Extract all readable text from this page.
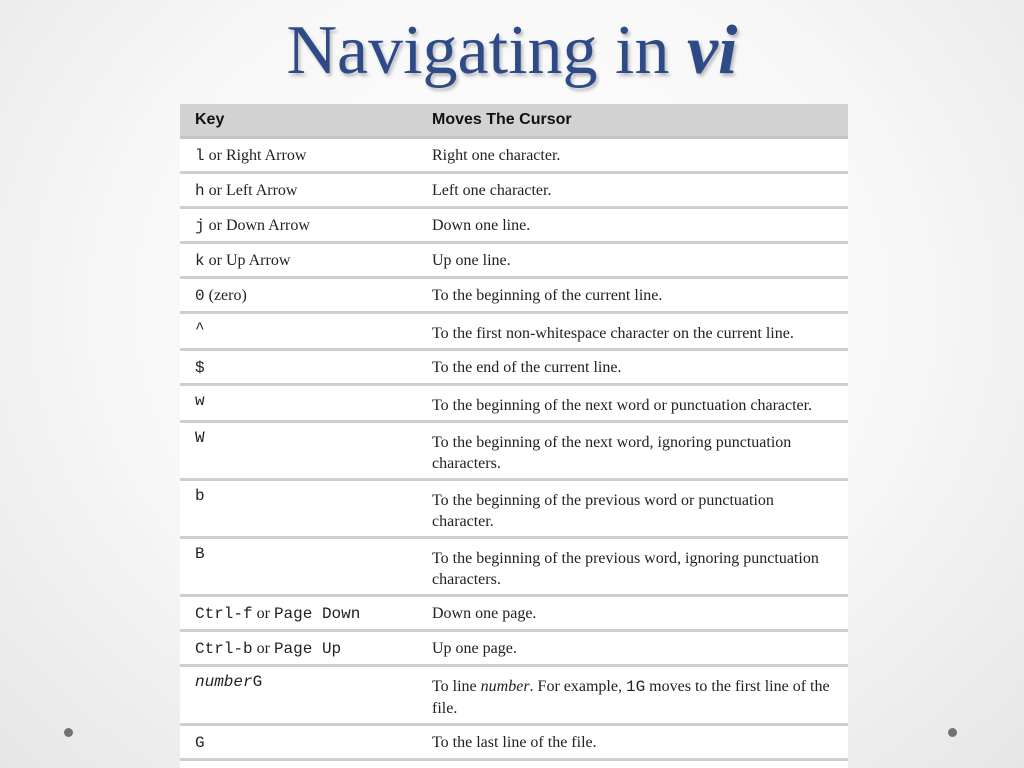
Navigating in vi
Key	Moves The Cursor
l or Right Arrow	Right one character.
h or Left Arrow	Left one character.
j or Down Arrow	Down one line.
k or Up Arrow	Up one line.
0 (zero)	To the beginning of the current line.
^	To the first non-whitespace character on the current line.
$	To the end of the current line.
w	To the beginning of the next word or punctuation character.
W	To the beginning of the next word, ignoring punctuation characters.
b	To the beginning of the previous word or punctuation character.
B	To the beginning of the previous word, ignoring punctuation characters.
Ctrl-f or Page Down	Down one page.
Ctrl-b or Page Up	Up one page.
numberG	To line number. For example, 1G moves to the first line of the file.
G	To the last line of the file.
